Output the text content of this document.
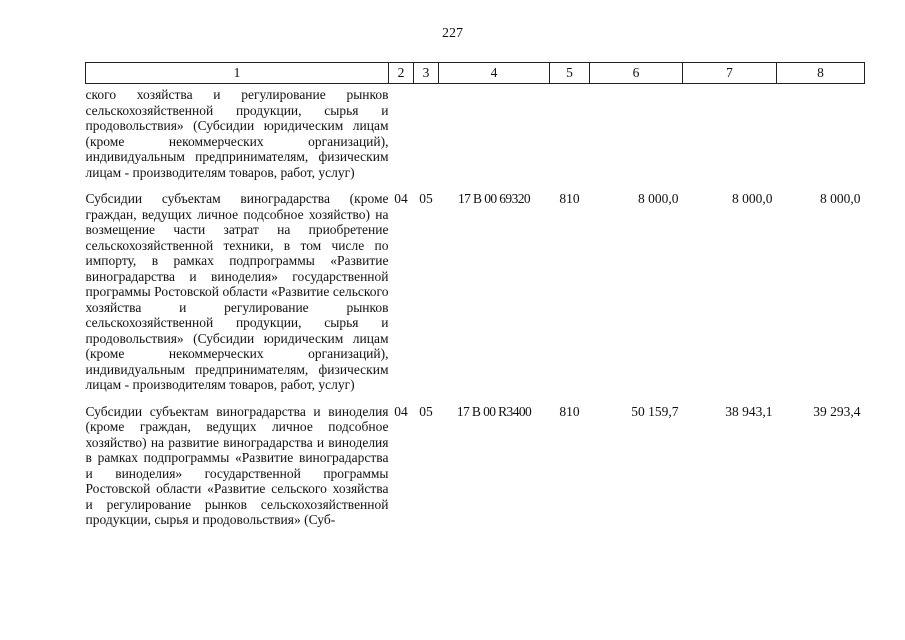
227
1	2	3	4	5	6	7	8
ского хозяйства и регулирование рынков сельскохозяйственной продукции, сырья и продовольствия» (Субсидии юридическим лицам (кроме некоммерческих организаций), индивидуальным предпринимателям, физическим лицам - производителям товаров, работ, услуг)							
Субсидии субъектам виноградарства (кроме граждан, ведущих личное подсобное хозяйство) на возмещение части затрат на приобретение сельскохозяйственной техники, в том числе по импорту, в рамках подпрограммы «Развитие виноградарства и виноделия» государственной программы Ростовской области «Развитие сельского хозяйства и регулирование рынков сельскохозяйственной продукции, сырья и продовольствия» (Субсидии юридическим лицам (кроме некоммерческих организаций), индивидуальным предпринимателям, физическим лицам - производителям товаров, работ, услуг)	04	05	17 В 00 69320	810	8 000,0	8 000,0	8 000,0
Субсидии субъектам виноградарства и виноделия (кроме граждан, ведущих личное подсобное хозяйство) на развитие виноградарства и виноделия в рамках подпрограммы «Развитие виноградарства и виноделия» государственной программы Ростовской области «Развитие сельского хозяйства и регулирование рынков сельскохозяйственной продукции, сырья и продовольствия» (Суб-	04	05	17 В 00 R3400	810	50 159,7	38 943,1	39 293,4
